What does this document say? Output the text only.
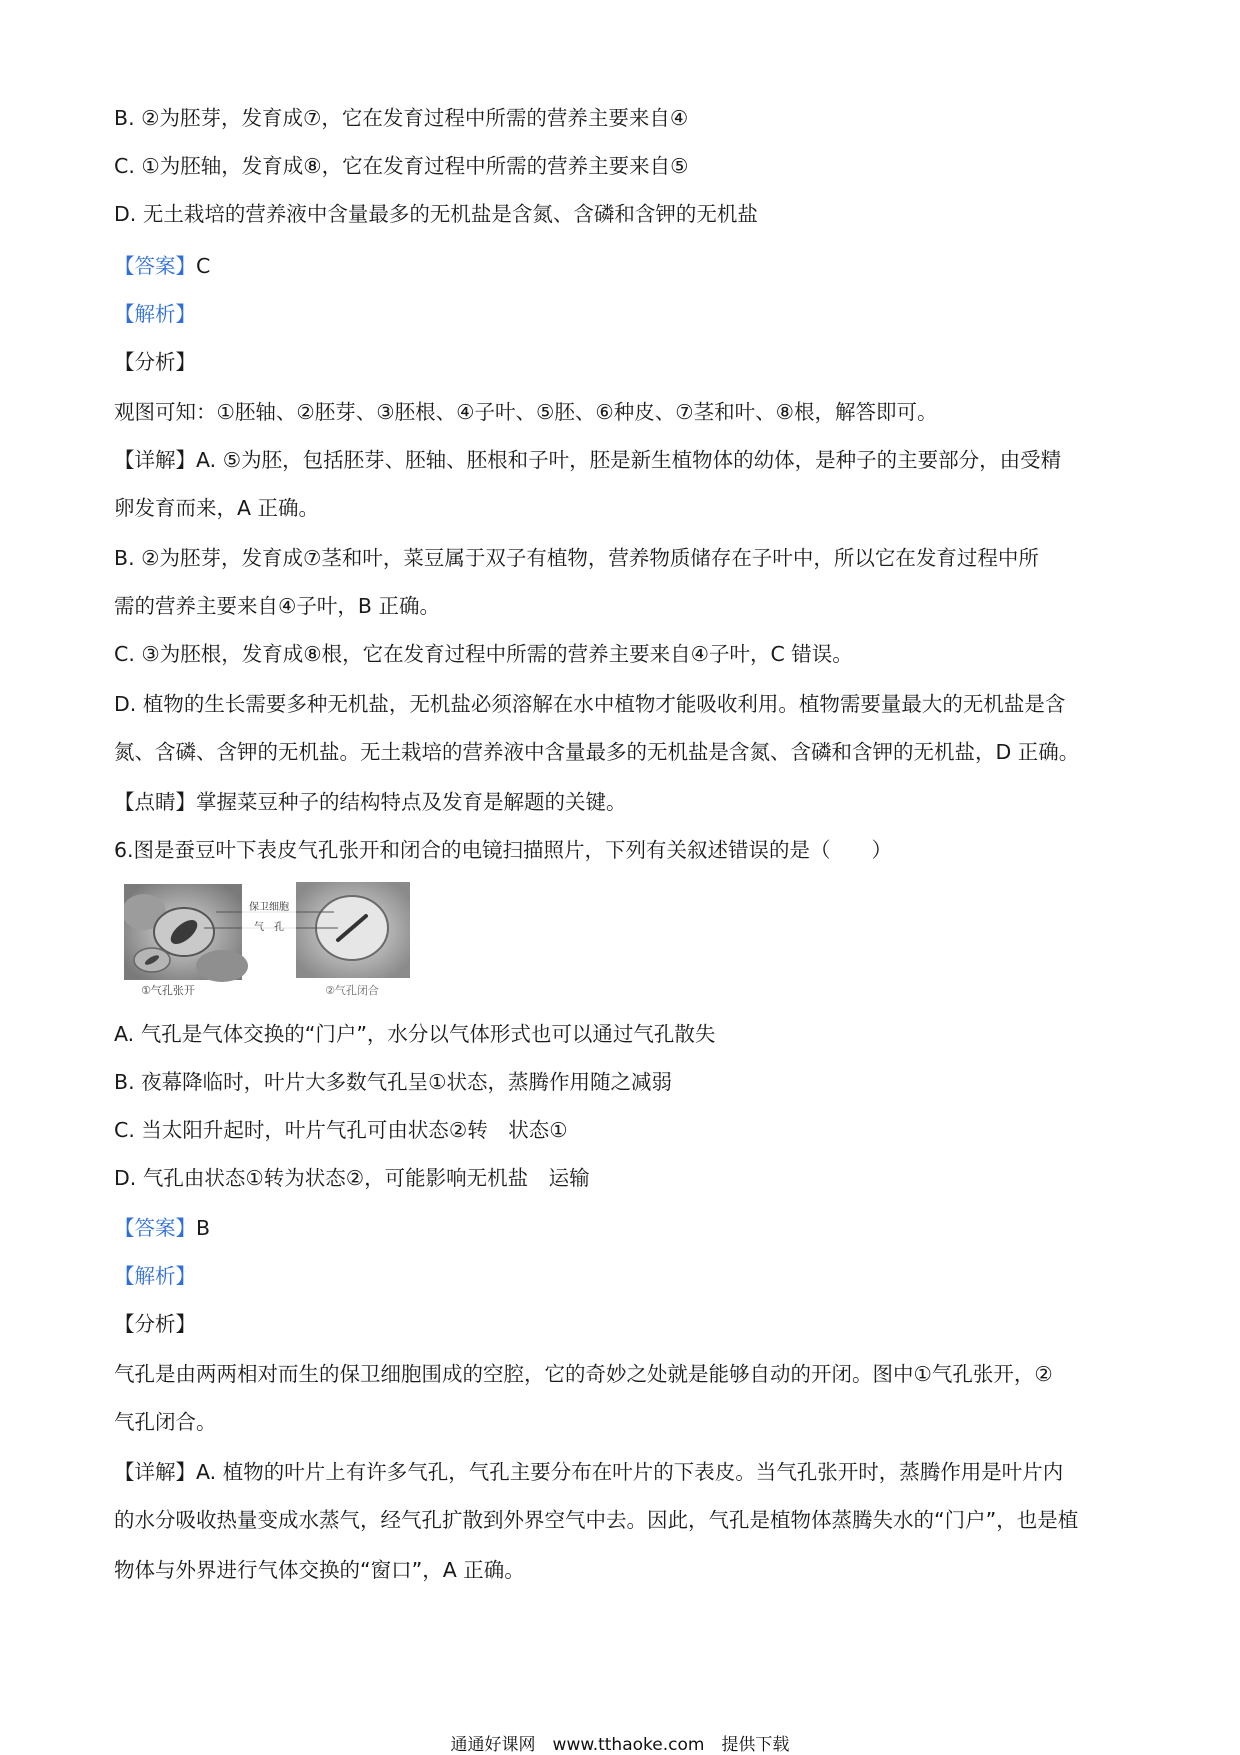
B. ②为胚芽，发育成⑦，它在发育过程中所需的营养主要来自④
C. ①为胚轴，发育成⑧，它在发育过程中所需的营养主要来自⑤
D. 无土栽培的营养液中含量最多的无机盐是含氮、含磷和含钾的无机盐
【答案】C
【解析】
【分析】
观图可知：①胚轴、②胚芽、③胚根、④子叶、⑤胚、⑥种皮、⑦茎和叶、⑧根，解答即可。
【详解】A. ⑤为胚，包括胚芽、胚轴、胚根和子叶，胚是新生植物体的幼体，是种子的主要部分，由受精
卵发育而来，A 正确。
B. ②为胚芽，发育成⑦茎和叶，菜豆属于双子有植物，营养物质储存在子叶中，所以它在发育过程中所
需的营养主要来自④子叶，B 正确。
C. ③为胚根，发育成⑧根，它在发育过程中所需的营养主要来自④子叶，C 错误。
D. 植物的生长需要多种无机盐，无机盐必须溶解在水中植物才能吸收利用。植物需要量最大的无机盐是含
氮、含磷、含钾的无机盐。无土栽培的营养液中含量最多的无机盐是含氮、含磷和含钾的无机盐，D 正确。
【点睛】掌握菜豆种子的结构特点及发育是解题的关键。
6.图是蚕豆叶下表皮气孔张开和闭合的电镜扫描照片，下列有关叙述错误的是（　　）
保卫细胞
气　孔
①气孔张开	②气孔闭合
A. 气孔是气体交换的“门户”，水分以气体形式也可以通过气孔散失
B. 夜幕降临时，叶片大多数气孔呈①状态，蒸腾作用随之减弱
C. 当太阳升起时，叶片气孔可由状态②转　状态①
D. 气孔由状态①转为状态②，可能影响无机盐　运输
【答案】B
【解析】
【分析】
气孔是由两两相对而生的保卫细胞围成的空腔，它的奇妙之处就是能够自动的开闭。图中①气孔张开，②
气孔闭合。
【详解】A. 植物的叶片上有许多气孔，气孔主要分布在叶片的下表皮。当气孔张开时，蒸腾作用是叶片内
的水分吸收热量变成水蒸气，经气孔扩散到外界空气中去。因此，气孔是植物体蒸腾失水的“门户”，也是植
物体与外界进行气体交换的“窗口”，A 正确。
通通好课网　www.tthaoke.com　提供下载
